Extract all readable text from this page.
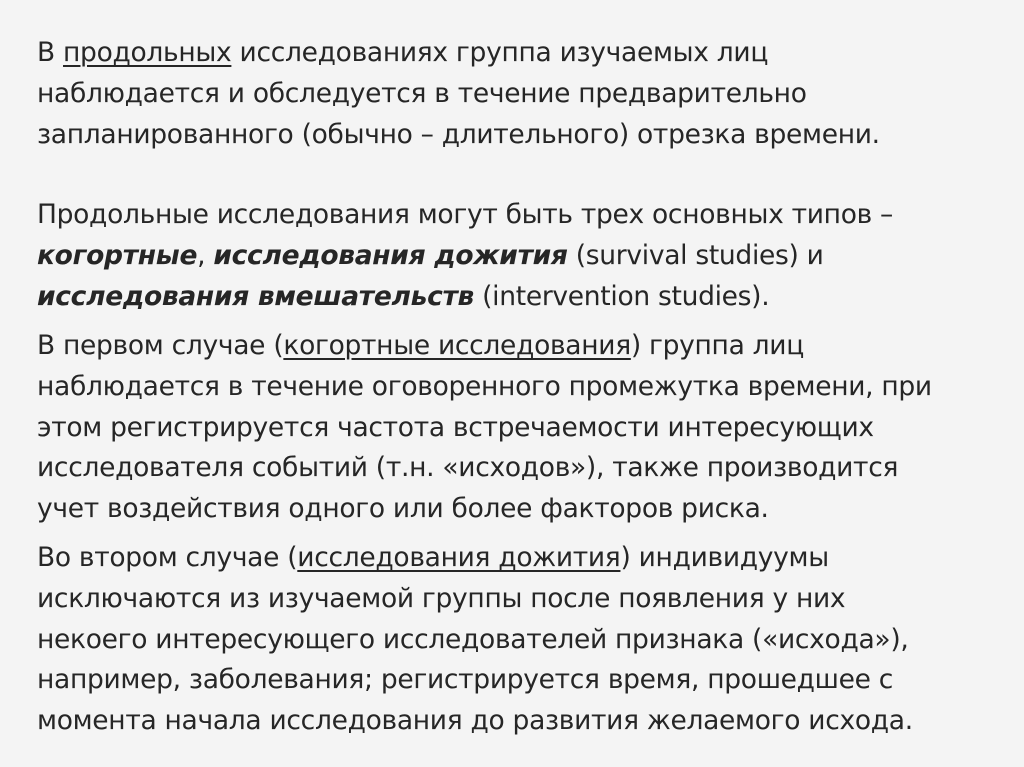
В продольных исследованиях группа изучаемых лиц
наблюдается и обследуется в течение предварительно
запланированного (обычно – длительного) отрезка времени.

Продольные исследования могут быть трех основных типов –
когортные, исследования дожития (survival studies) и
исследования вмешательств (intervention studies).

В первом случае (когортные исследования) группа лиц
наблюдается в течение оговоренного промежутка времени, при
этом регистрируется частота встречаемости интересующих
исследователя событий (т.н. «исходов»), также производится
учет воздействия одного или более факторов риска.

Во втором случае (исследования дожития) индивидуумы
исключаются из изучаемой группы после появления у них
некоего интересующего исследователей признака («исхода»),
например, заболевания; регистрируется время, прошедшее с
момента начала исследования до развития желаемого исхода.
